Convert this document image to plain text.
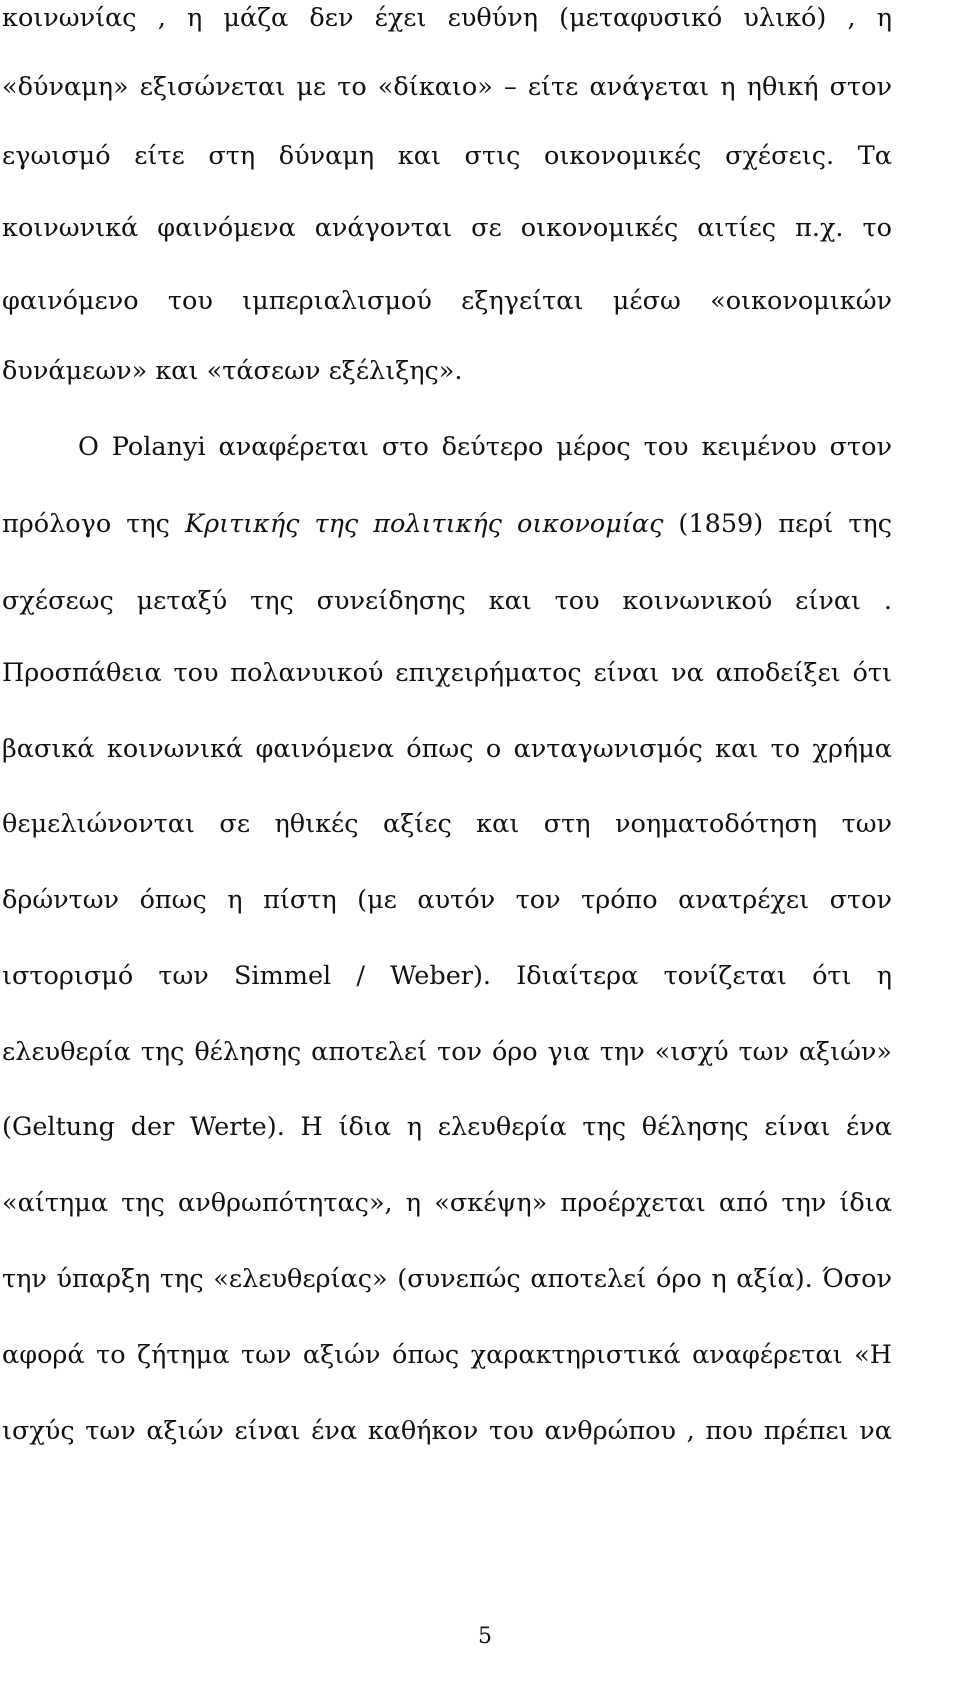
κοινωνίας , η μάζα δεν έχει ευθύνη (μεταφυσικό υλικό) , η
«δύναμη» εξισώνεται με το «δίκαιο» – είτε ανάγεται η ηθική στον
εγωισμό είτε στη δύναμη και στις οικονομικές σχέσεις. Τα
κοινωνικά φαινόμενα ανάγονται σε οικονομικές αιτίες π.χ. το
φαινόμενο του ιμπεριαλισμού εξηγείται μέσω «οικονομικών
δυνάμεων» και «τάσεων εξέλιξης».
Ο Polanyi αναφέρεται στο δεύτερο μέρος του κειμένου στον
πρόλογο της Κριτικής της πολιτικής οικονομίας (1859) περί της
σχέσεως μεταξύ της συνείδησης και του κοινωνικού είναι .
Προσπάθεια του πολανυικού επιχειρήματος είναι να αποδείξει ότι
βασικά κοινωνικά φαινόμενα όπως ο ανταγωνισμός και το χρήμα
θεμελιώνονται σε ηθικές αξίες και στη νοηματοδότηση των
δρώντων όπως η πίστη (με αυτόν τον τρόπο ανατρέχει στον
ιστορισμό των Simmel / Weber). Ιδιαίτερα τονίζεται ότι η
ελευθερία της θέλησης αποτελεί τον όρο για την «ισχύ των αξιών»
(Geltung der Werte). Η ίδια η ελευθερία της θέλησης είναι ένα
«αίτημα της ανθρωπότητας», η «σκέψη» προέρχεται από την ίδια
την ύπαρξη της «ελευθερίας» (συνεπώς αποτελεί όρο η αξία). Όσον
αφορά το ζήτημα των αξιών όπως χαρακτηριστικά αναφέρεται «Η
ισχύς των αξιών είναι ένα καθήκον του ανθρώπου , που πρέπει να
5
